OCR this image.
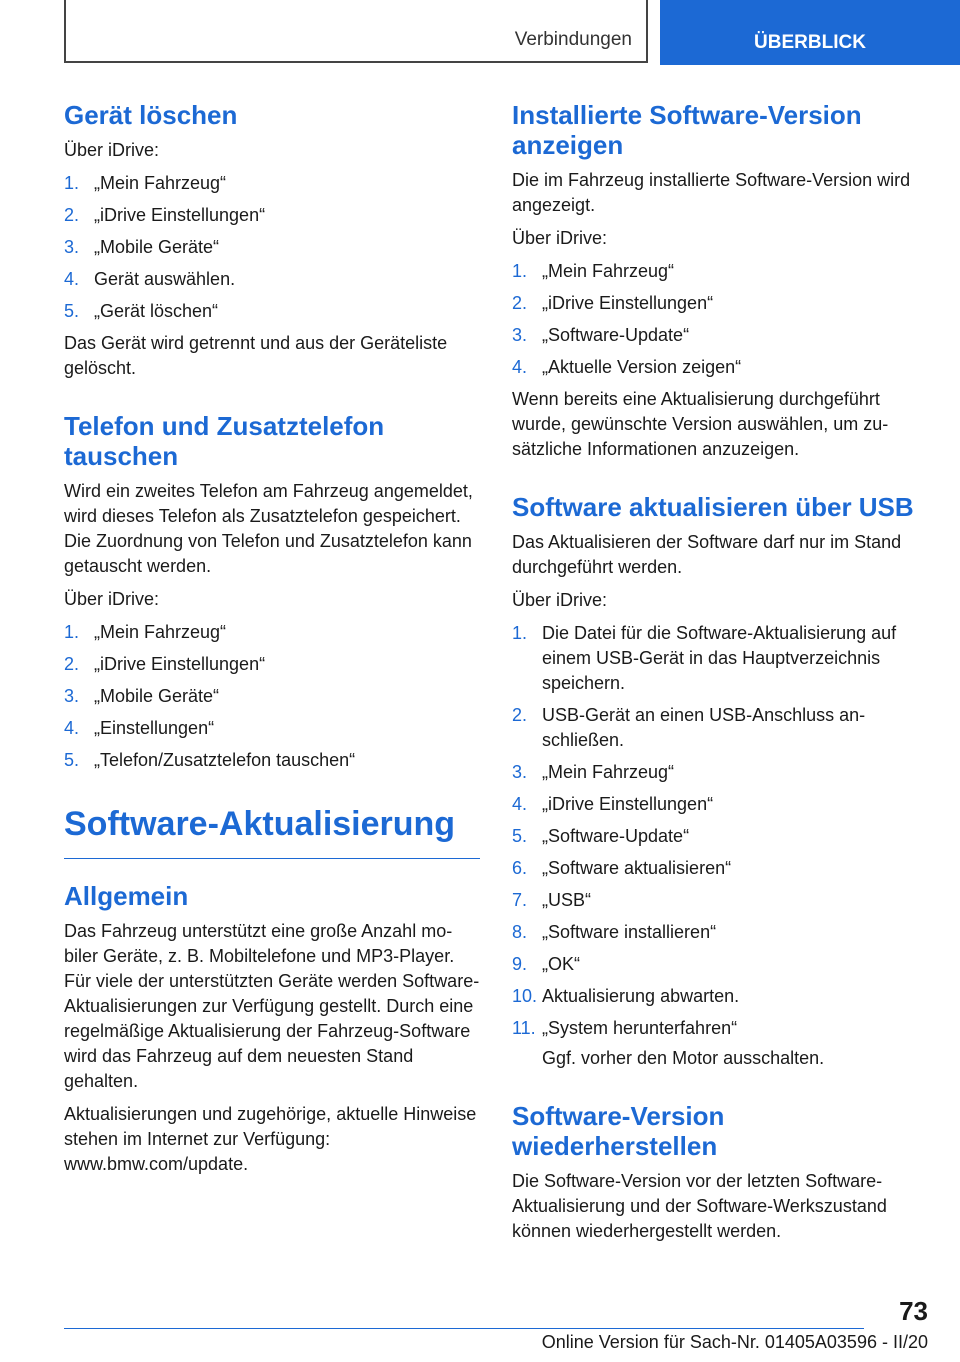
Verbindungen	ÜBERBLICK
Gerät löschen

Über iDrive:

1. „Mein Fahrzeug“
2. „iDrive Einstellungen“
3. „Mobile Geräte“
4. Gerät auswählen.
5. „Gerät löschen“

Das Gerät wird getrennt und aus der Geräteliste gelöscht.

Telefon und Zusatztelefon tauschen

Wird ein zweites Telefon am Fahrzeug angemeldet, wird dieses Telefon als Zusatztelefon gespeichert. Die Zuordnung von Telefon und Zusatztelefon kann getauscht werden.

Über iDrive:

1. „Mein Fahrzeug“
2. „iDrive Einstellungen“
3. „Mobile Geräte“
4. „Einstellungen“
5. „Telefon/Zusatztelefon tauschen“
Software-Aktualisierung
Allgemein

Das Fahrzeug unterstützt eine große Anzahl mobiler Geräte, z. B. Mobiltelefone und MP3-Player. Für viele der unterstützten Geräte werden Software-Aktualisierungen zur Verfügung gestellt. Durch eine regelmäßige Aktualisierung der Fahrzeug-Software wird das Fahrzeug auf dem neuesten Stand gehalten.

Aktualisierungen und zugehörige, aktuelle Hinweise stehen im Internet zur Verfügung: www.bmw.com/update.

Installierte Software-Version anzeigen

Die im Fahrzeug installierte Software-Version wird angezeigt.

Über iDrive:

1. „Mein Fahrzeug“
2. „iDrive Einstellungen“
3. „Software-Update“
4. „Aktuelle Version zeigen“

Wenn bereits eine Aktualisierung durchgeführt wurde, gewünschte Version auswählen, um zusätzliche Informationen anzuzeigen.

Software aktualisieren über USB

Das Aktualisieren der Software darf nur im Stand durchgeführt werden.

Über iDrive:

1. Die Datei für die Software-Aktualisierung auf einem USB-Gerät in das Hauptverzeichnis speichern.
2. USB-Gerät an einen USB-Anschluss anschließen.
3. „Mein Fahrzeug“
4. „iDrive Einstellungen“
5. „Software-Update“
6. „Software aktualisieren“
7. „USB“
8. „Software installieren“
9. „OK“
10. Aktualisierung abwarten.
11. „System herunterfahren“
Ggf. vorher den Motor ausschalten.
Software-Version wiederherstellen

Die Software-Version vor der letzten Software-Aktualisierung und der Software-Werkszustand können wiederhergestellt werden.

73
Online Version für Sach-Nr. 01405A03596 - II/20
